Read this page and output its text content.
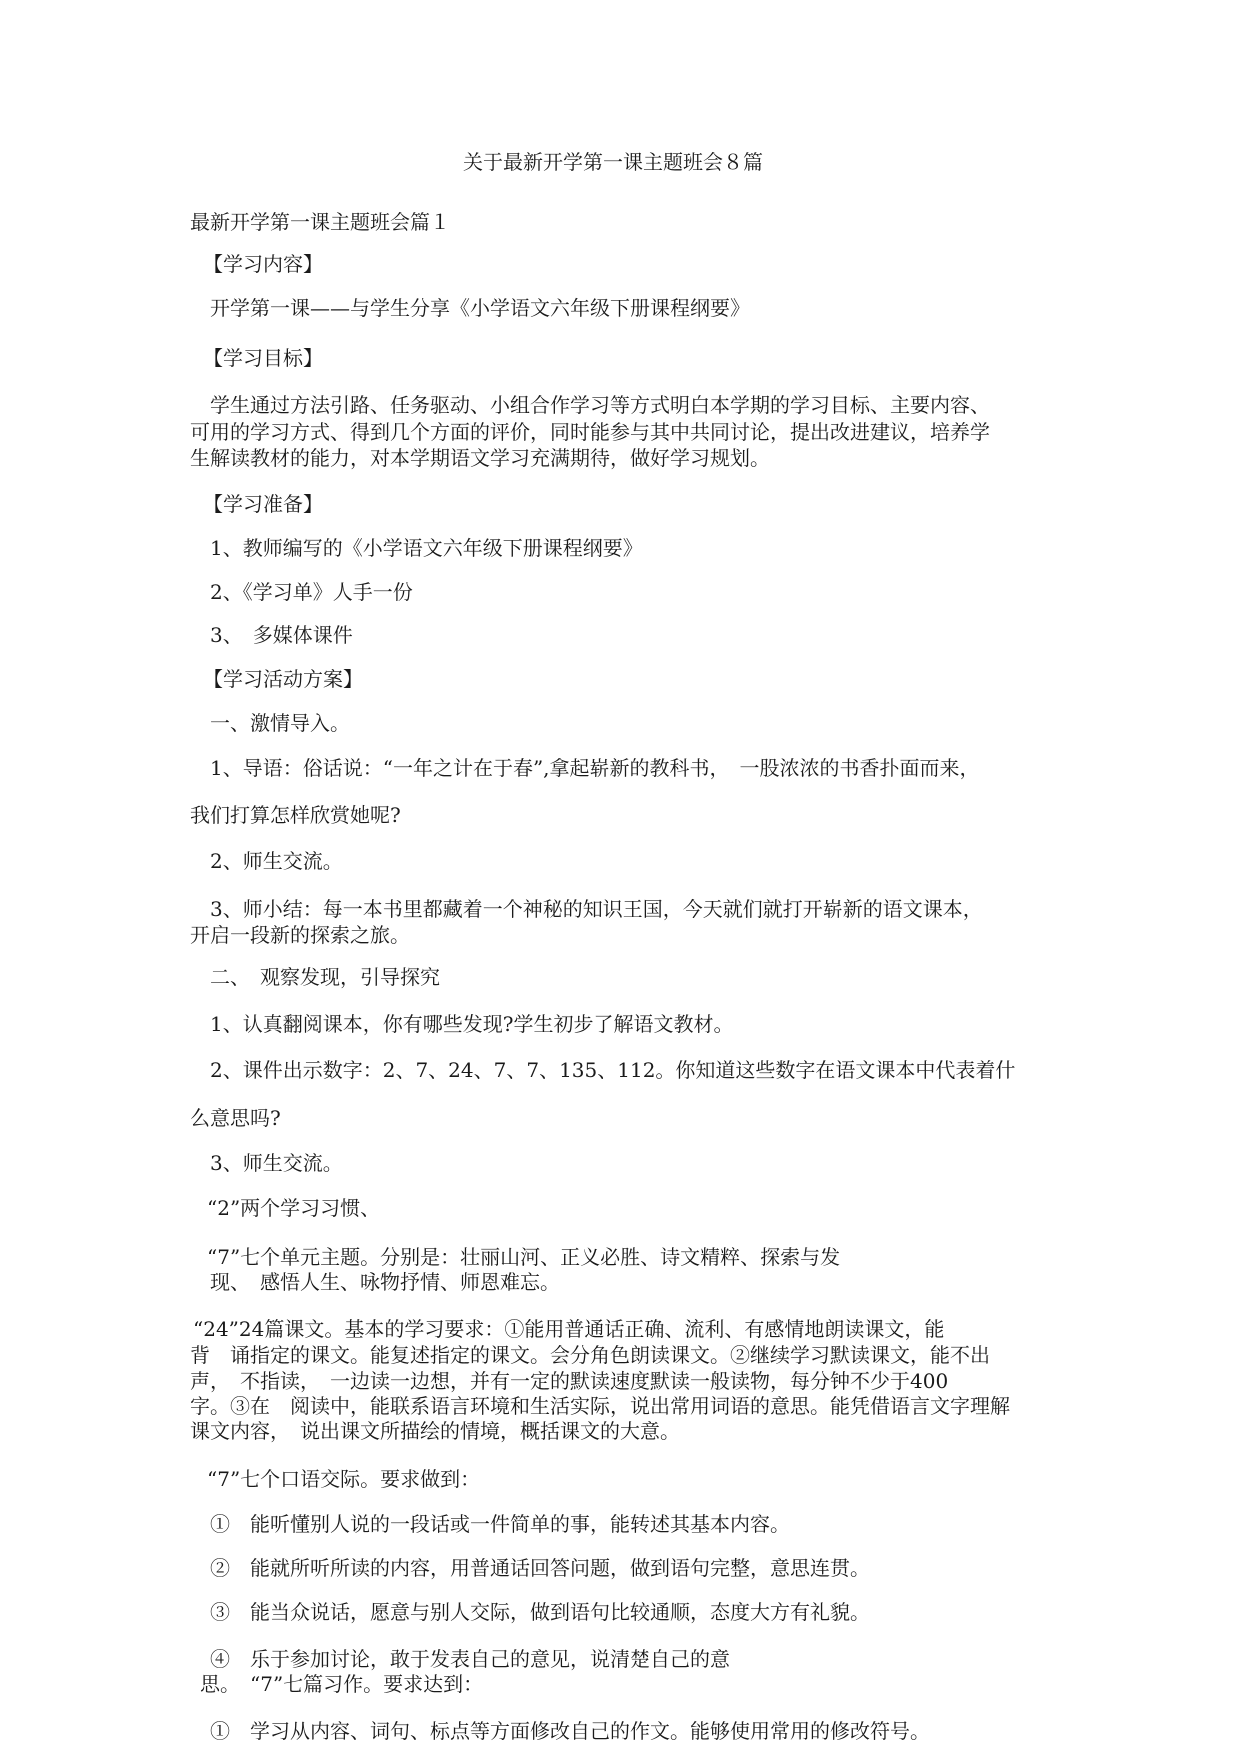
关于最新开学第一课主题班会８篇
最新开学第一课主题班会篇１
【学习内容】
开学第一课——与学生分享《小学语文六年级下册课程纲要》
【学习目标】
学生通过方法引路、任务驱动、小组合作学习等方式明白本学期的学习目标、主要内容、
可用的学习方式、得到几个方面的评价，同时能参与其中共同讨论，提出改进建议，培养学
生解读教材的能力，对本学期语文学习充满期待，做好学习规划。
【学习准备】
1、教师编写的《小学语文六年级下册课程纲要》
2、《学习单》人手一份
3、　多媒体课件
【学习活动方案】
一、激情导入。
1、导语：俗话说：“一年之计在于春”,拿起崭新的教科书，　一股浓浓的书香扑面而来，
我们打算怎样欣赏她呢?
2、师生交流。
3、师小结：每一本书里都藏着一个神秘的知识王国，今天就们就打开崭新的语文课本，
开启一段新的探索之旅。
二、　观察发现，引导探究
1、认真翻阅课本，你有哪些发现?学生初步了解语文教材。
2、课件出示数字：2、7、24、7、7、135、112。你知道这些数字在语文课本中代表着什
么意思吗?
3、师生交流。
“2”两个学习习惯、
“7”七个单元主题。分别是：壮丽山河、正义必胜、诗文精粹、探索与发
现、　感悟人生、咏物抒情、师恩难忘。
“24”24篇课文。基本的学习要求：①能用普通话正确、流利、有感情地朗读课文，能
背　诵指定的课文。能复述指定的课文。会分角色朗读课文。②继续学习默读课文，能不出
声，　不指读，　一边读一边想，并有一定的默读速度默读一般读物，每分钟不少于400
字。③在　阅读中，能联系语言环境和生活实际，说出常用词语的意思。能凭借语言文字理解
课文内容，　说出课文所描绘的情境，概括课文的大意。
“7”七个口语交际。要求做到：
①　能听懂别人说的一段话或一件简单的事，能转述其基本内容。
②　能就所听所读的内容，用普通话回答问题，做到语句完整，意思连贯。
③　能当众说话，愿意与别人交际，做到语句比较通顺，态度大方有礼貌。
④　乐于参加讨论，敢于发表自己的意见，说清楚自己的意
思。　“7”七篇习作。要求达到：
①　学习从内容、词句、标点等方面修改自己的作文。能够使用常用的修改符号。
